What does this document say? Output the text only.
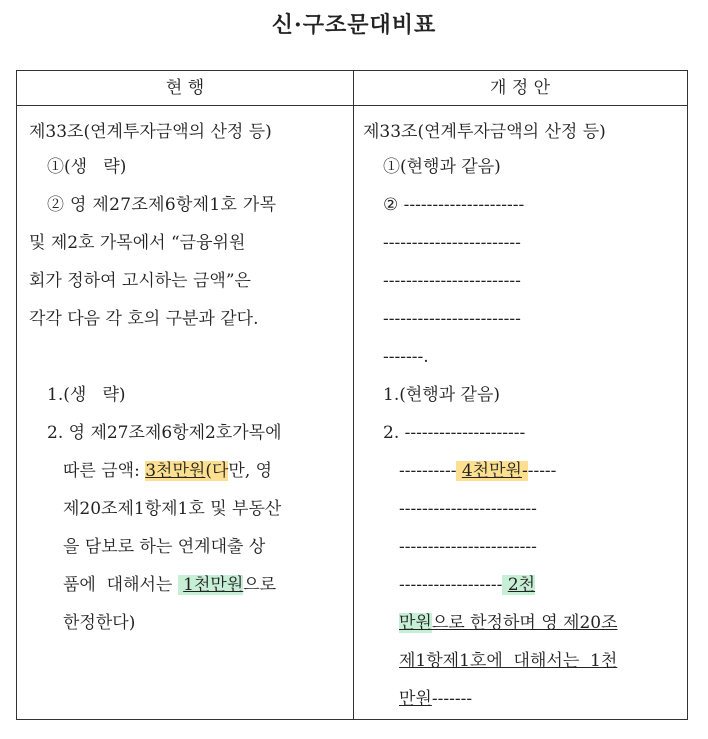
신·구조문대비표
현 행	개 정 안
제33조(연계투자금액의 산정 등)
①(생   략)
② 영 제27조제6항제1호 가목
및 제2호 가목에서 “금융위원
회가 정하여 고시하는 금액”은
각각 다음 각 호의 구분과 같다.
1.(생   략)
2. 영 제27조제6항제2호가목에
따른 금액: 3천만원(다만, 영
제20조제1항제1호 및 부동산
을 담보로 하는 연계대출 상
품에  대해서는  1천만원으로
한정한다)
제33조(연계투자금액의 산정 등)
①(현행과 같음)
② ---------------------
------------------------
------------------------
------------------------
-------.
1.(현행과 같음)
2. ---------------------
---------- 4천만원------
------------------------
------------------------
------------------ 2천
만원으로 한정하며 영 제20조
제1항제1호에  대해서는  1천
만원-------
